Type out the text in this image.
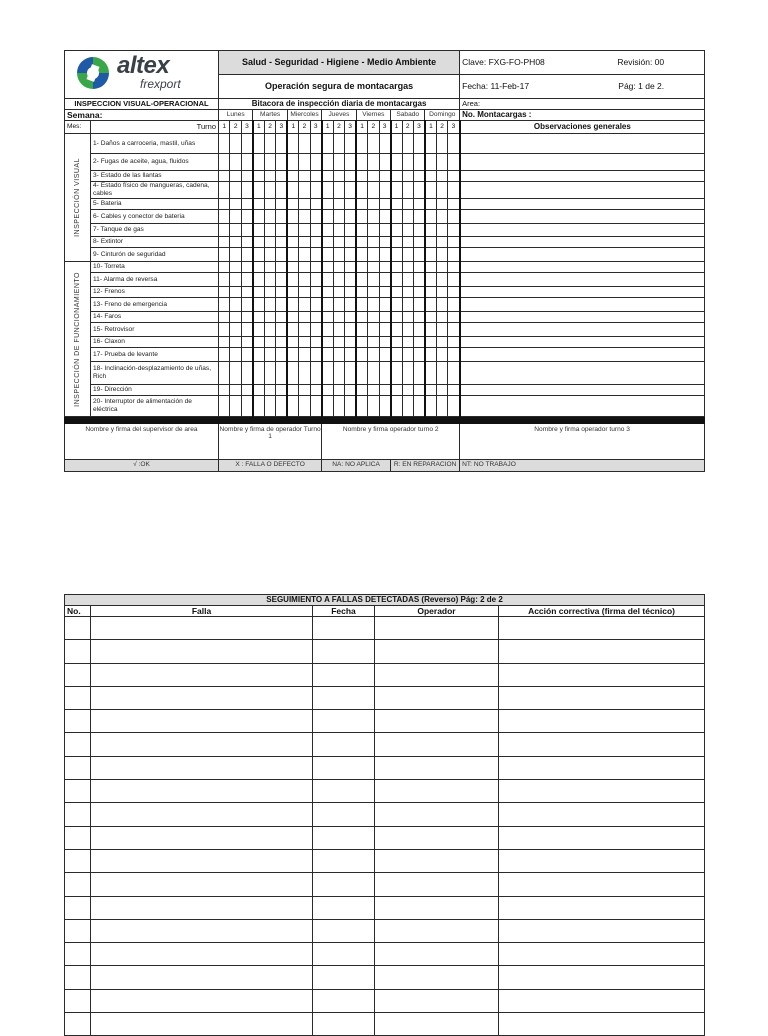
altex
frexport		Salud - Seguridad - Higiene - Medio Ambiente																					Clave: FXG-FO-PH08 Revisión: 00

		Operación segura de montacargas																					Fecha: 11-Feb-17 Pág: 1 de 2.

INSPECCION VISUAL-OPERACIONAL		Bitacora de inspección diaria de montacargas																					Area:
Semana:		Lunes			Martes			Miercoles			Jueves			Viernes			Sabado			Domingo			No. Montacargas :
Mes:	Turno	1	2	3	1	2	3	1	2	3	1	2	3	1	2	3	1	2	3	1	2	3	Observaciones generales

INSPECCIÓN VISUAL	1- Daños a carroceria, mastil, uñas																						
	2- Fugas de aceite, agua, fluidos																						
	3- Estado de las llantas																						
	4- Estado físico de mangueras, cadena, cables																						
	5- Bateria																						
	6- Cables y conector de bateria																						
	7- Tanque de gas																						
	8- Extintor																						
	9- Cinturón de seguridad																						

INSPECCIÓN DE FUNCIONAMIENTO	10- Torreta																						
	11- Alarma de reversa																						
	12- Frenos																						
	13- Freno de emergencia																						
	14- Faros																						
	15- Retrovisor																						
	16- Claxon																						
	17- Prueba de levante																						
	18- Inclinación-desplazamiento de uñas, Rich																						
	19- Dirección																						
	20- Interruptor de alimentación de eléctrica																						

Nombre y firma del supervisor de area		Nombre y firma de operador Turno 1									Nombre y firma operador turno 2												Nombre y firma operador turno 3
√ :OK		X : FALLA O DEFECTO									NA: NO APLICA						R: EN REPARACION						NT: NO TRABAJO
SEGUIMIENTO A FALLAS DETECTADAS (Reverso) Pág: 2 de 2				
No.	Falla	Fecha	Operador	Acción correctiva (firma del técnico)
